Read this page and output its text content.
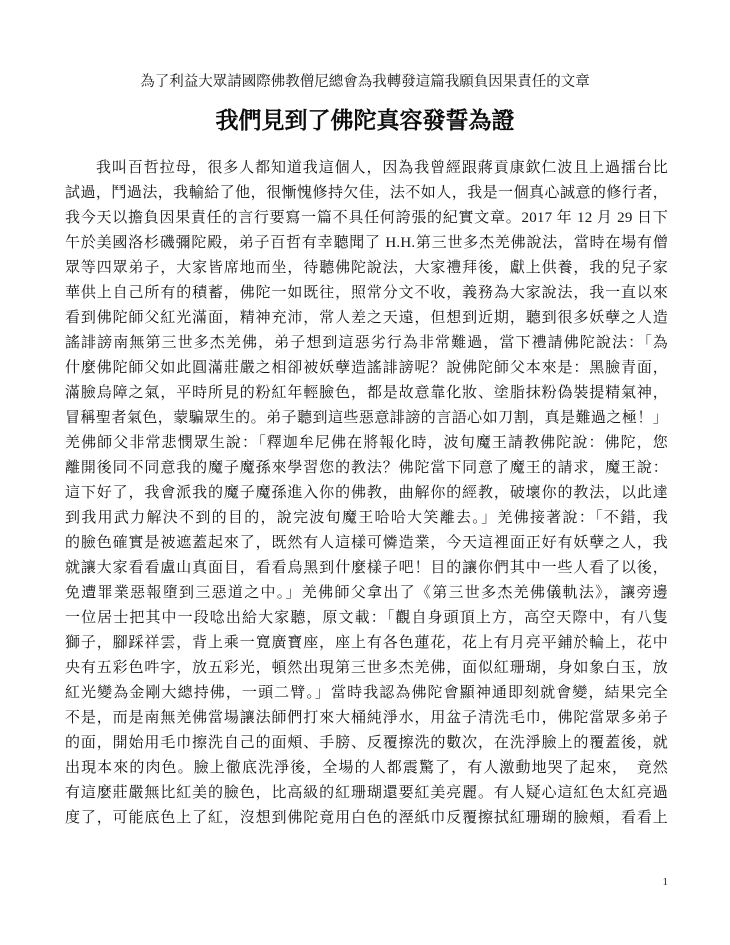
為了利益大眾請國際佛教僧尼總會為我轉發這篇我願負因果責任的文章
我們見到了佛陀真容發誓為證
我叫百哲拉母，很多人都知道我這個人，因為我曾經跟蔣貢康欽仁波且上過擂台比
試過，鬥過法，我輸給了他，很慚愧修持欠佳，法不如人，我是一個真心誠意的修行者，
我今天以擔負因果責任的言行要寫一篇不具任何誇張的紀實文章。2017 年 12 月 29 日下
午於美國洛杉磯彌陀殿，弟子百哲有幸聽聞了 H.H.第三世多杰羌佛說法，當時在場有僧
眾等四眾弟子，大家皆席地而坐，待聽佛陀說法，大家禮拜後，獻上供養，我的兒子家
華供上自己所有的積蓄，佛陀一如既往，照常分文不收，義務為大家說法，我一直以來
看到佛陀師父紅光滿面，精神充沛，常人差之天遠，但想到近期，聽到很多妖孽之人造
謠誹謗南無第三世多杰羌佛，弟子想到這惡劣行為非常難過，當下禮請佛陀說法：「為
什麼佛陀師父如此圓滿莊嚴之相卻被妖孽造謠誹謗呢？說佛陀師父本來是：黑臉青面，
滿臉烏障之氣，平時所見的粉紅年輕臉色，都是故意靠化妝、塗脂抹粉偽裝提精氣神，
冒稱聖者氣色，蒙騙眾生的。弟子聽到這些惡意誹謗的言語心如刀割，真是難過之極！」
羌佛師父非常悲憫眾生說：「釋迦牟尼佛在將報化時，波旬魔王請教佛陀說：佛陀，您
離開後同不同意我的魔子魔孫來學習您的教法？佛陀當下同意了魔王的請求，魔王說：
這下好了，我會派我的魔子魔孫進入你的佛教，曲解你的經教，破壞你的教法，以此達
到我用武力解決不到的目的，說完波旬魔王哈哈大笑離去。」羌佛接著說：「不錯，我
的臉色確實是被遮蓋起來了，既然有人這樣可憐造業，今天這裡面正好有妖孽之人，我
就讓大家看看盧山真面目，看看烏黑到什麼樣子吧！目的讓你們其中一些人看了以後，
免遭罪業惡報墮到三惡道之中。」羌佛師父拿出了《第三世多杰羌佛儀軌法》，讓旁邊
一位居士把其中一段唸出給大家聽，原文載：「觀自身頭頂上方，高空天際中，有八隻
獅子，腳踩祥雲，背上乘一寬廣寶座，座上有各色蓮花，花上有月亮平鋪於輪上，花中
央有五彩色吽字，放五彩光，頓然出現第三世多杰羌佛，面似紅珊瑚，身如象白玉，放
紅光變為金剛大總持佛，一頭二臂。」當時我認為佛陀會顯神通即刻就會變，結果完全
不是，而是南無羌佛當場讓法師們打來大桶純淨水，用盆子清洗毛巾，佛陀當眾多弟子
的面，開始用毛巾擦洗自己的面頰、手膀、反覆擦洗的數次，在洗淨臉上的覆蓋後，就
出現本來的肉色。臉上徹底洗淨後，全場的人都震驚了，有人激動地哭了起來，　竟然
有這麼莊嚴無比紅美的臉色，比高級的紅珊瑚還要紅美亮麗。有人疑心這紅色太紅亮過
度了，可能底色上了紅，沒想到佛陀竟用白色的溼紙巾反覆擦拭紅珊瑚的臉頰，看看上
1
